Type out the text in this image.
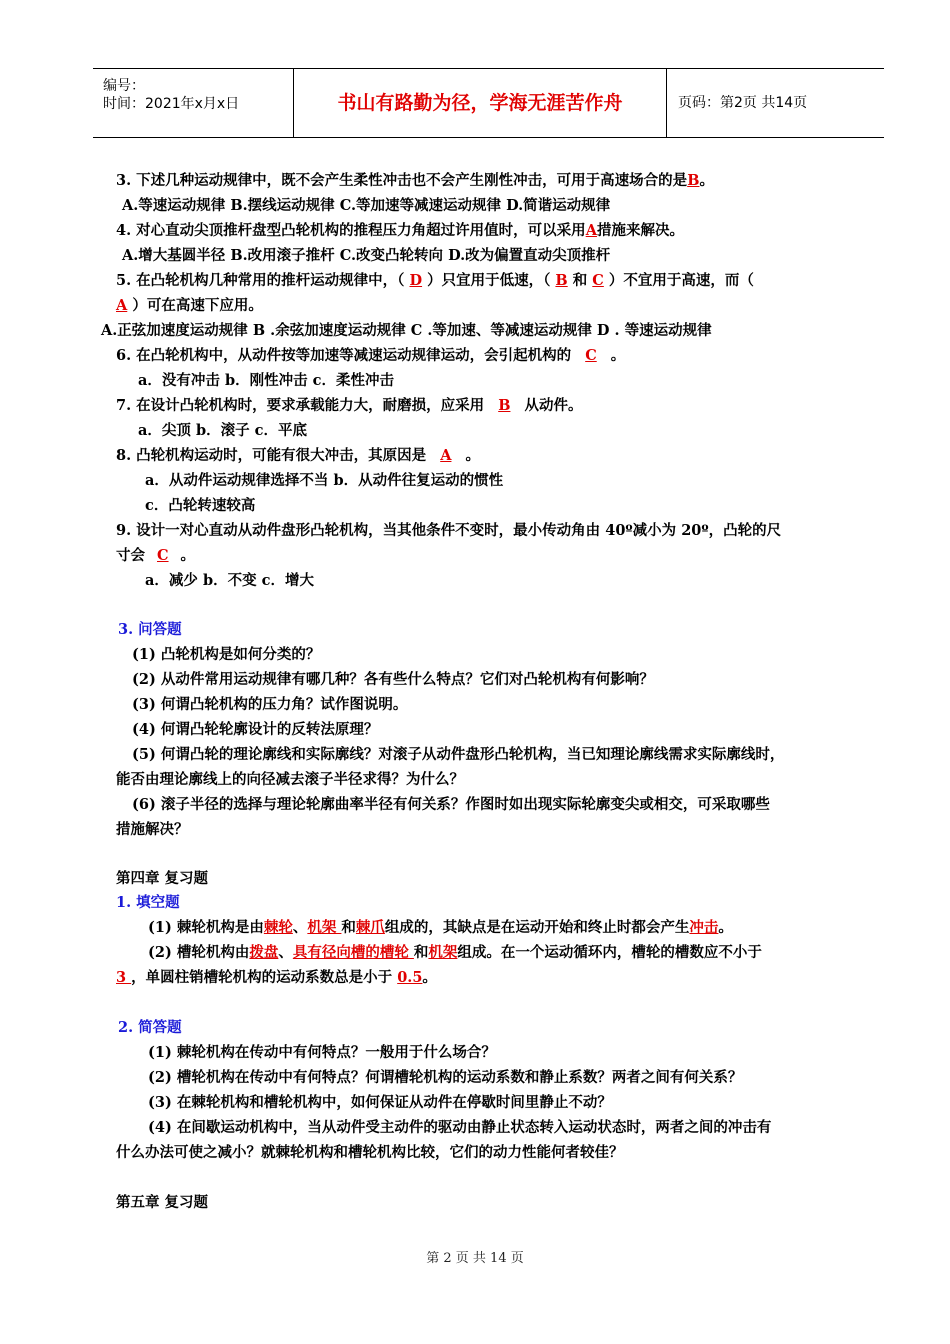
编号：
时间：2021年x月x日	书山有路勤为径，学海无涯苦作舟	页码：第2页 共14页
3. 下述几种运动规律中，既不会产生柔性冲击也不会产生刚性冲击，可用于高速场合的是B。
A.等速运动规律 B.摆线运动规律 C.等加速等减速运动规律 D.简谐运动规律
4. 对心直动尖顶推杆盘型凸轮机构的推程压力角超过许用值时，可以采用A措施来解决。
A.增大基圆半径 B.改用滚子推杆 C.改变凸轮转向 D.改为偏置直动尖顶推杆
5. 在凸轮机构几种常用的推杆运动规律中，（ D ）只宜用于低速，（ B 和 C ）不宜用于高速，而（
A ）可在高速下应用。
A.正弦加速度运动规律 B .余弦加速度运动规律 C .等加速、等减速运动规律 D . 等速运动规律
6. 在凸轮机构中，从动件按等加速等减速运动规律运动，会引起机构的 C 。
a．没有冲击 b．刚性冲击 c．柔性冲击
7. 在设计凸轮机构时，要求承载能力大，耐磨损，应采用 B 从动件。
a．尖顶 b．滚子 c．平底
8. 凸轮机构运动时，可能有很大冲击，其原因是 A 。
a．从动件运动规律选择不当 b．从动件往复运动的惯性
c．凸轮转速较高
9. 设计一对心直动从动件盘形凸轮机构，当其他条件不变时，最小传动角由 40º减小为 20º，凸轮的尺
寸会 C 。
a．减少 b．不变 c．增大
3. 问答题
(1) 凸轮机构是如何分类的？
(2) 从动件常用运动规律有哪几种？各有些什么特点？它们对凸轮机构有何影响？
(3) 何谓凸轮机构的压力角？试作图说明。
(4) 何谓凸轮轮廓设计的反转法原理？
(5) 何谓凸轮的理论廓线和实际廓线？对滚子从动件盘形凸轮机构，当已知理论廓线需求实际廓线时，
能否由理论廓线上的向径减去滚子半径求得？为什么？
(6) 滚子半径的选择与理论轮廓曲率半径有何关系？作图时如出现实际轮廓变尖或相交，可采取哪些
措施解决？
第四章 复习题
1. 填空题
(1) 棘轮机构是由棘轮、机架 和棘爪组成的，其缺点是在运动开始和终止时都会产生冲击。
(2) 槽轮机构由拨盘、具有径向槽的槽轮 和机架组成。在一个运动循环内，槽轮的槽数应不小于
3 ，单圆柱销槽轮机构的运动系数总是小于 0.5。
2. 简答题
(1) 棘轮机构在传动中有何特点？一般用于什么场合？
(2) 槽轮机构在传动中有何特点？何谓槽轮机构的运动系数和静止系数？两者之间有何关系？
(3) 在棘轮机构和槽轮机构中，如何保证从动件在停歇时间里静止不动？
(4) 在间歇运动机构中，当从动件受主动件的驱动由静止状态转入运动状态时，两者之间的冲击有
什么办法可使之减小？就棘轮机构和槽轮机构比较，它们的动力性能何者较佳？
第五章 复习题
第 2 页 共 14 页
